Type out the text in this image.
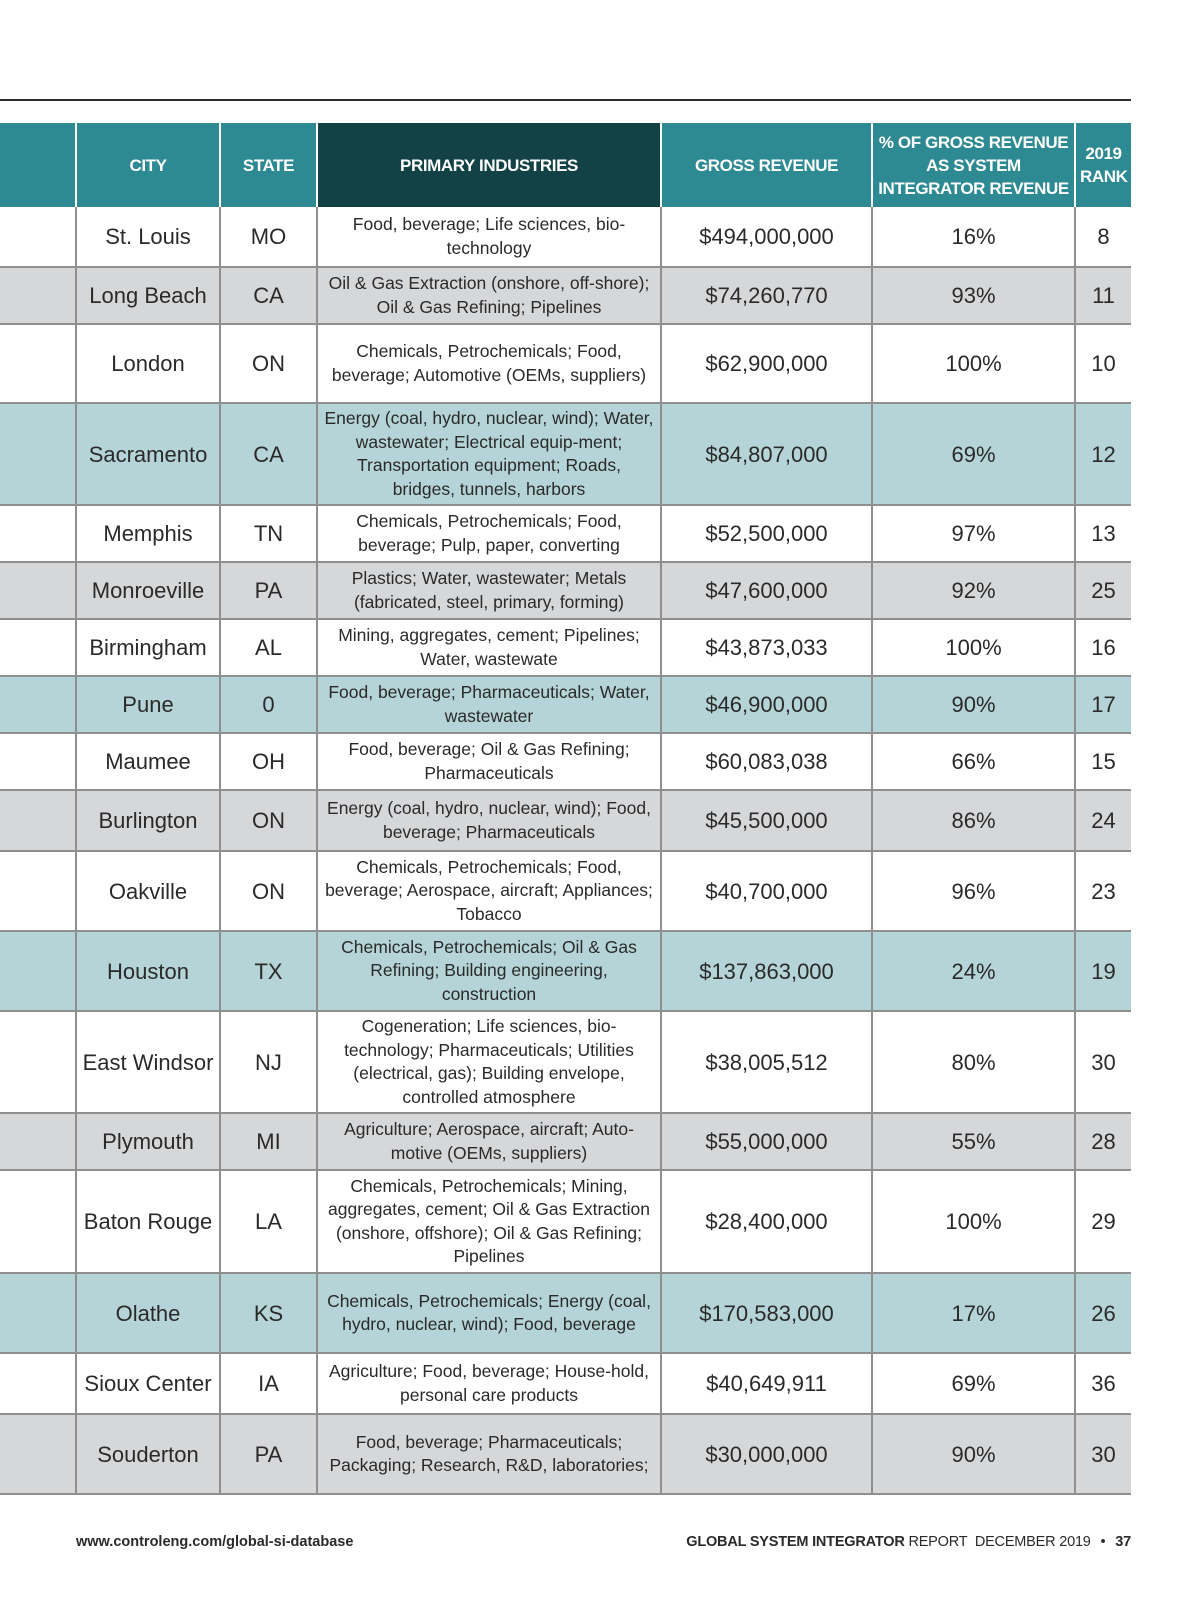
	CITY	STATE	PRIMARY INDUSTRIES	GROSS REVENUE	% OF GROSS REVENUE AS SYSTEM INTEGRATOR REVENUE	2019 RANK
	St. Louis	MO	Food, beverage; Life sciences, bio-technology	$494,000,000	16%	8
	Long Beach	CA	Oil & Gas Extraction (onshore, off-shore); Oil & Gas Refining; Pipelines	$74,260,770	93%	11
	London	ON	Chemicals, Petrochemicals; Food, beverage; Automotive (OEMs, suppliers)	$62,900,000	100%	10
	Sacramento	CA	Energy (coal, hydro, nuclear, wind); Water, wastewater; Electrical equip-ment; Transportation equipment; Roads, bridges, tunnels, harbors	$84,807,000	69%	12
	Memphis	TN	Chemicals, Petrochemicals; Food, beverage; Pulp, paper, converting	$52,500,000	97%	13
	Monroeville	PA	Plastics; Water, wastewater; Metals (fabricated, steel, primary, forming)	$47,600,000	92%	25
	Birmingham	AL	Mining, aggregates, cement; Pipelines; Water, wastewate	$43,873,033	100%	16
	Pune	0	Food, beverage; Pharmaceuticals; Water, wastewater	$46,900,000	90%	17
	Maumee	OH	Food, beverage; Oil & Gas Refining; Pharmaceuticals	$60,083,038	66%	15
	Burlington	ON	Energy (coal, hydro, nuclear, wind); Food, beverage; Pharmaceuticals	$45,500,000	86%	24
	Oakville	ON	Chemicals, Petrochemicals; Food, beverage; Aerospace, aircraft; Appliances; Tobacco	$40,700,000	96%	23
	Houston	TX	Chemicals, Petrochemicals; Oil & Gas Refining; Building engineering, construction	$137,863,000	24%	19
	East Windsor	NJ	Cogeneration; Life sciences, bio-technology; Pharmaceuticals; Utilities (electrical, gas); Building envelope, controlled atmosphere	$38,005,512	80%	30
	Plymouth	MI	Agriculture; Aerospace, aircraft; Auto-motive (OEMs, suppliers)	$55,000,000	55%	28
	Baton Rouge	LA	Chemicals, Petrochemicals; Mining, aggregates, cement; Oil & Gas Extraction (onshore, offshore); Oil & Gas Refining; Pipelines	$28,400,000	100%	29
	Olathe	KS	Chemicals, Petrochemicals; Energy (coal, hydro, nuclear, wind); Food, beverage	$170,583,000	17%	26
	Sioux Center	IA	Agriculture; Food, beverage; House-hold, personal care products	$40,649,911	69%	36
	Souderton	PA	Food, beverage; Pharmaceuticals; Packaging; Research, R&D, laboratories;	$30,000,000	90%	30
www.controleng.com/global-si-database	GLOBAL SYSTEM INTEGRATOR REPORT DECEMBER 2019 • 37
